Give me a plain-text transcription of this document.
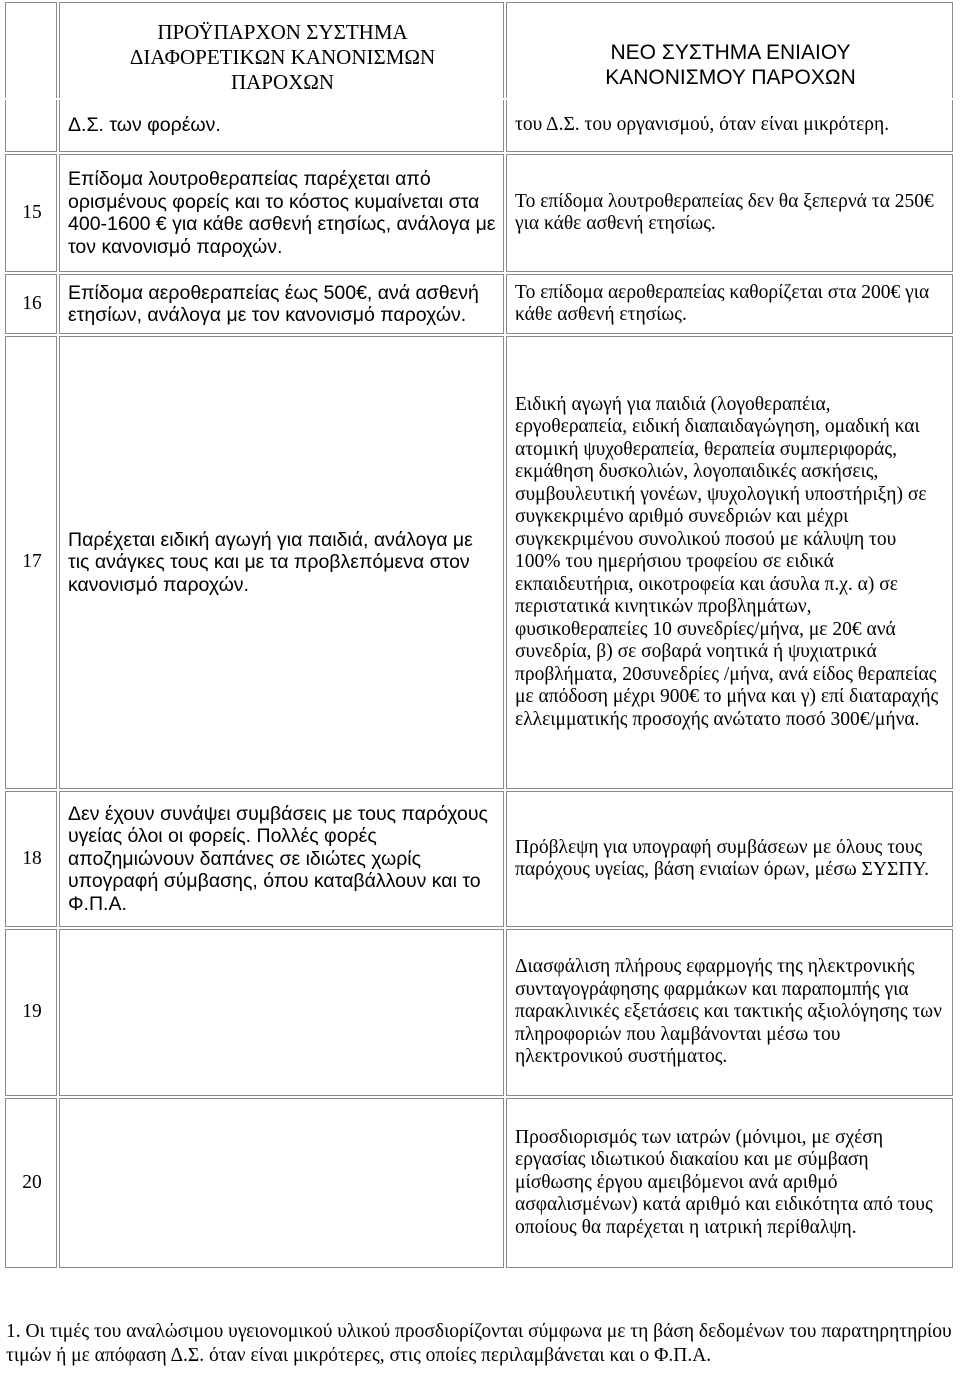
	ΠΡΟΫΠΑΡΧΟΝ ΣΥΣΤΗΜΑ ΔΙΑΦΟΡΕΤΙΚΩΝ ΚΑΝΟΝΙΣΜΩΝ ΠΑΡΟΧΩΝ	ΝΕΟ ΣΥΣΤΗΜΑ ΕΝΙΑΙΟΥ ΚΑΝΟΝΙΣΜΟΥ ΠΑΡΟΧΩΝ

	Δ.Σ. των φορέων.	του Δ.Σ. του οργανισμού, όταν είναι μικρότερη.
15	Επίδομα λουτροθεραπείας παρέχεται από ορισμένους φορείς και το κόστος κυμαίνεται στα 400-1600 € για κάθε ασθενή ετησίως, ανάλογα με τον κανονισμό παροχών.	Το επίδομα λουτροθεραπείας δεν θα ξεπερνά τα 250€ για κάθε ασθενή ετησίως.
16	Επίδομα αεροθεραπείας έως 500€, ανά ασθενή ετησίων, ανάλογα με τον κανονισμό παροχών.	Το επίδομα αεροθεραπείας καθορίζεται στα 200€ για κάθε ασθενή ετησίως.
17	Παρέχεται ειδική αγωγή για παιδιά, ανάλογα με τις ανάγκες τους και με τα προβλεπόμενα στον κανονισμό παροχών.	Ειδική αγωγή για παιδιά (λογοθεραπέια, εργοθεραπεία, ειδική διαπαιδαγώγηση, ομαδική και ατομική ψυχοθεραπεία, θεραπεία συμπεριφοράς, εκμάθηση δυσκολιών, λογοπαιδικές ασκήσεις, συμβουλευτική γονέων, ψυχολογική υποστήριξη) σε συγκεκριμένο αριθμό συνεδριών και μέχρι συγκεκριμένου συνολικού ποσού με κάλυψη του 100% του ημερήσιου τροφείου σε ειδικά εκπαιδευτήρια, οικοτροφεία και άσυλα π.χ. α) σε περιστατικά κινητικών προβλημάτων, φυσικοθεραπείες 10 συνεδρίες/μήνα, με 20€ ανά συνεδρία, β) σε σοβαρά νοητικά ή ψυχιατρικά προβλήματα, 20συνεδρίες /μήνα, ανά είδος θεραπείας με απόδοση μέχρι 900€ το μήνα και γ) επί διαταραχής ελλειμματικής προσοχής ανώτατο ποσό 300€/μήνα.
18	Δεν έχουν συνάψει συμβάσεις με τους παρόχους υγείας όλοι οι φορείς. Πολλές φορές αποζημιώνουν δαπάνες σε ιδιώτες χωρίς υπογραφή σύμβασης, όπου καταβάλλουν και το Φ.Π.Α.	Πρόβλεψη για υπογραφή συμβάσεων με όλους τους παρόχους υγείας, βάση ενιαίων όρων, μέσω ΣΥΣΠΥ.
19		Διασφάλιση πλήρους εφαρμογής της ηλεκτρονικής συνταγογράφησης φαρμάκων και παραπομπής για παρακλινικές εξετάσεις και τακτικής αξιολόγησης των πληροφοριών που λαμβάνονται μέσω του ηλεκτρονικού συστήματος.
20		Προσδιορισμός των ιατρών (μόνιμοι, με σχέση εργασίας ιδιωτικού διακαίου και με σύμβαση μίσθωσης έργου αμειβόμενοι ανά αριθμό ασφαλισμένων) κατά αριθμό και ειδικότητα από τους οποίους θα παρέχεται η ιατρική περίθαλψη.
1. Οι τιμές του αναλώσιμου υγειονομικού υλικού προσδιορίζονται σύμφωνα με τη βάση δεδομένων του παρατηρητηρίου τιμών ή με απόφαση Δ.Σ. όταν είναι μικρότερες, στις οποίες περιλαμβάνεται και ο Φ.Π.Α.
